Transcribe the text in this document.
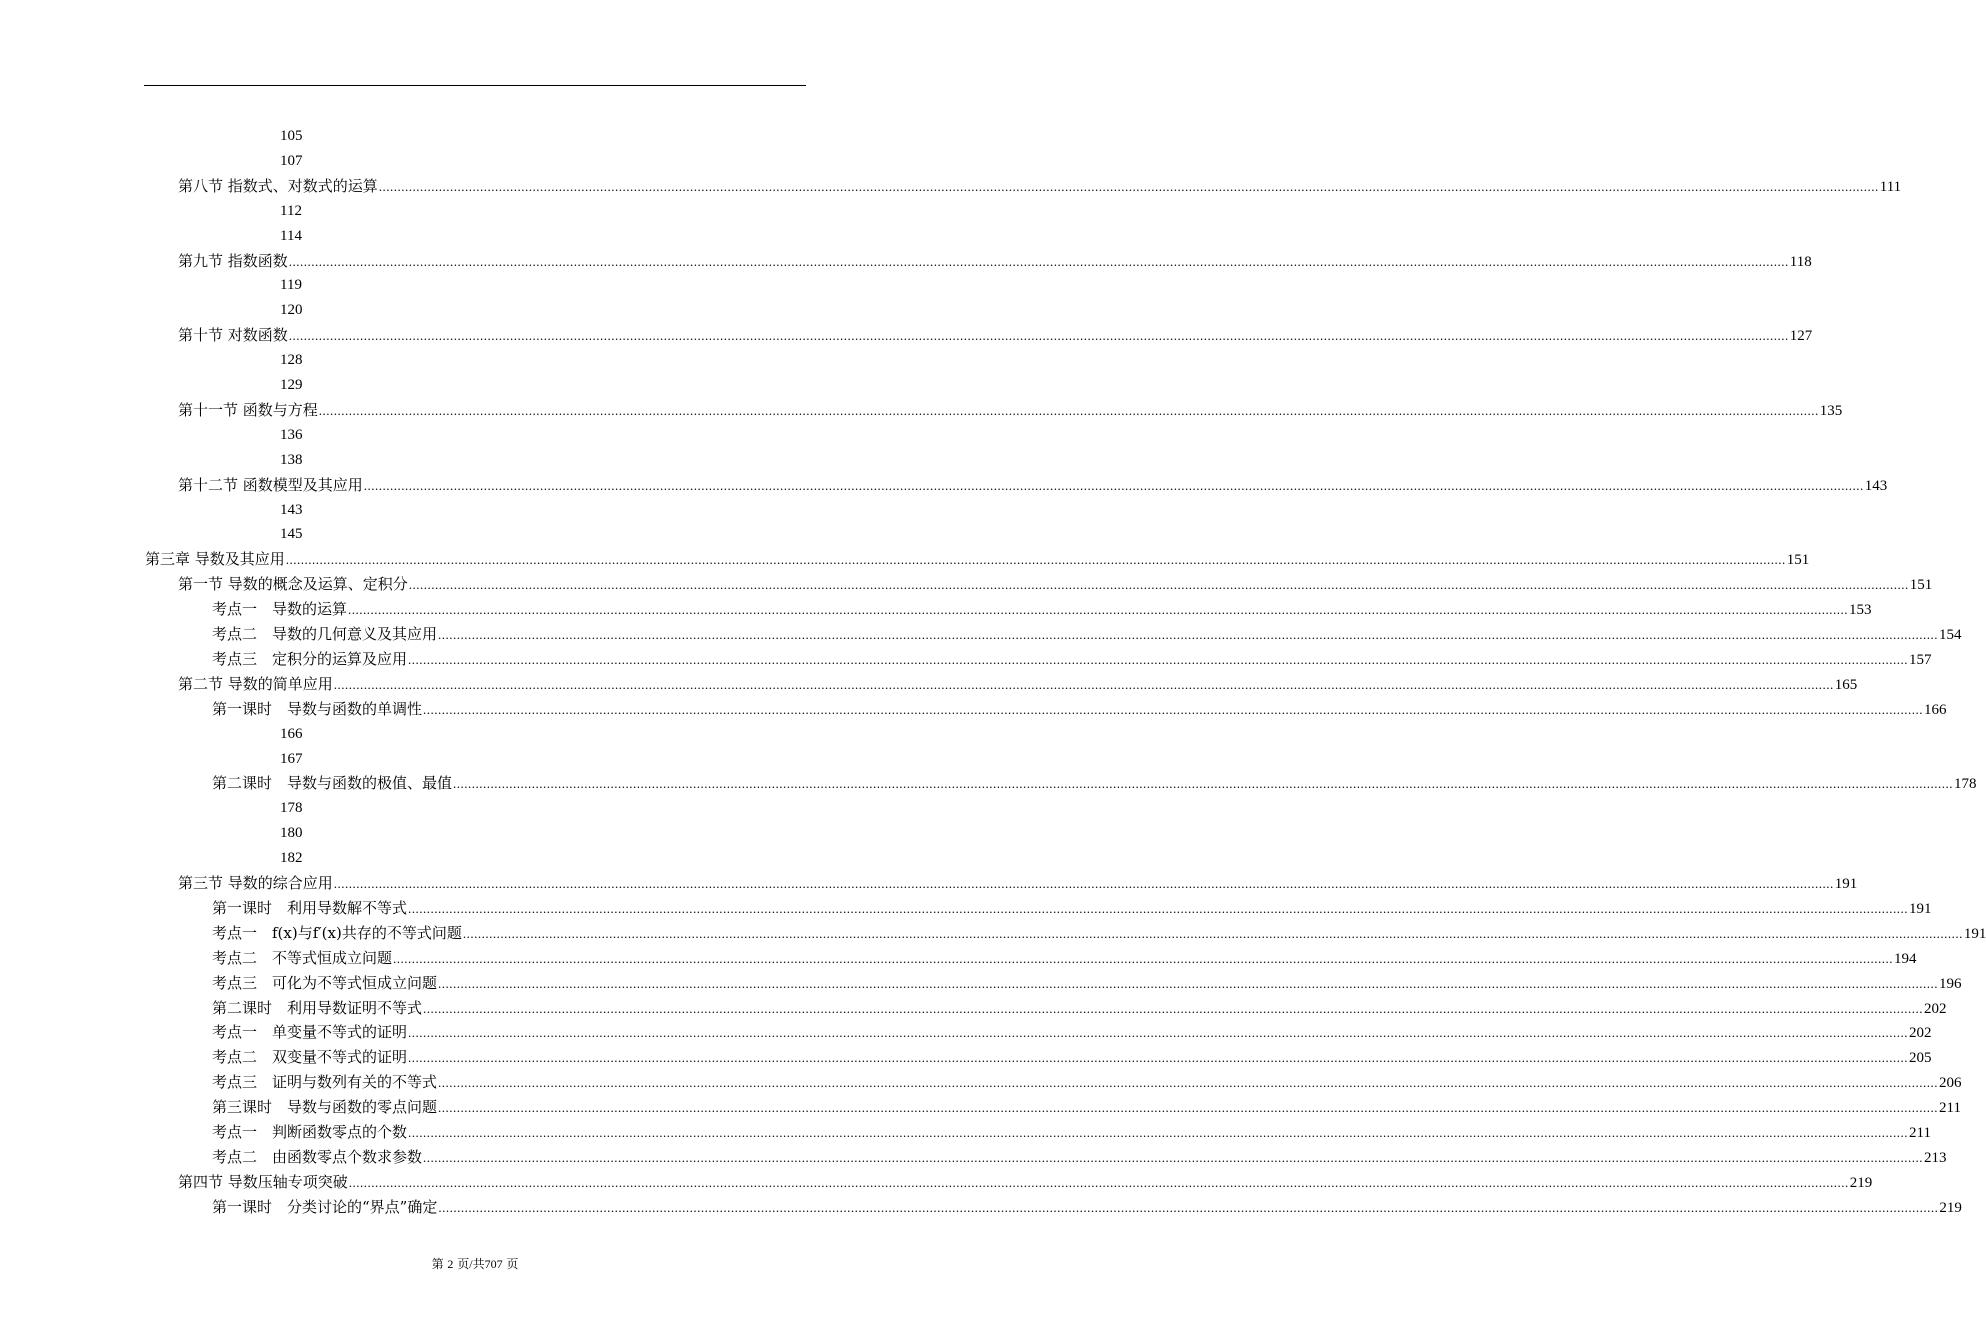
105
107
第八节 指数式、对数式的运算 ................................................................................................................................................................................................................................................................................................................................................................................................................ 111
112
114
第九节 指数函数 ................................................................................................................................................................................................................................................................................................................................................................................................................ 118
119
120
第十节 对数函数 ................................................................................................................................................................................................................................................................................................................................................................................................................ 127
128
129
第十一节 函数与方程 ................................................................................................................................................................................................................................................................................................................................................................................................................ 135
136
138
第十二节 函数模型及其应用 ................................................................................................................................................................................................................................................................................................................................................................................................................ 143
143
145
第三章 导数及其应用 ................................................................................................................................................................................................................................................................................................................................................................................................................ 151
第一节 导数的概念及运算、定积分 ................................................................................................................................................................................................................................................................................................................................................................................................................ 151
考点一　导数的运算 ................................................................................................................................................................................................................................................................................................................................................................................................................ 153
考点二　导数的几何意义及其应用 ................................................................................................................................................................................................................................................................................................................................................................................................................ 154
考点三　定积分的运算及应用 ................................................................................................................................................................................................................................................................................................................................................................................................................ 157
第二节 导数的简单应用 ................................................................................................................................................................................................................................................................................................................................................................................................................ 165
第一课时　导数与函数的单调性 ................................................................................................................................................................................................................................................................................................................................................................................................................ 166
166
167
第二课时　导数与函数的极值、最值 ................................................................................................................................................................................................................................................................................................................................................................................................................ 178
178
180
182
第三节 导数的综合应用 ................................................................................................................................................................................................................................................................................................................................................................................................................ 191
第一课时　利用导数解不等式 ................................................................................................................................................................................................................................................................................................................................................................................................................ 191
考点一　f(x)与f′(x)共存的不等式问题 ................................................................................................................................................................................................................................................................................................................................................................................................................ 191
考点二　不等式恒成立问题 ................................................................................................................................................................................................................................................................................................................................................................................................................ 194
考点三　可化为不等式恒成立问题 ................................................................................................................................................................................................................................................................................................................................................................................................................ 196
第二课时　利用导数证明不等式 ................................................................................................................................................................................................................................................................................................................................................................................................................ 202
考点一　单变量不等式的证明 ................................................................................................................................................................................................................................................................................................................................................................................................................ 202
考点二　双变量不等式的证明 ................................................................................................................................................................................................................................................................................................................................................................................................................ 205
考点三　证明与数列有关的不等式 ................................................................................................................................................................................................................................................................................................................................................................................................................ 206
第三课时　导数与函数的零点问题 ................................................................................................................................................................................................................................................................................................................................................................................................................ 211
考点一　判断函数零点的个数 ................................................................................................................................................................................................................................................................................................................................................................................................................ 211
考点二　由函数零点个数求参数 ................................................................................................................................................................................................................................................................................................................................................................................................................ 213
第四节 导数压轴专项突破 ................................................................................................................................................................................................................................................................................................................................................................................................................ 219
第一课时　分类讨论的“界点”确定 ................................................................................................................................................................................................................................................................................................................................................................................................................ 219
第 2 页/共707 页
